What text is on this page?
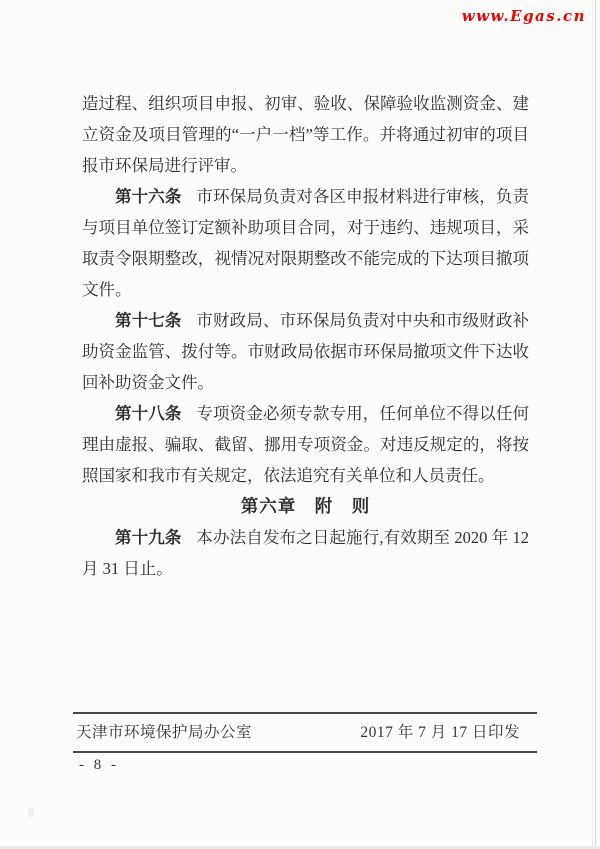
www.Egas.cn

造过程、组织项目申报、初审、验收、保障验收监测资金、建立资金及项目管理的“一户一档”等工作。并将通过初审的项目报市环保局进行评审。

第十六条 市环保局负责对各区申报材料进行审核，负责与项目单位签订定额补助项目合同，对于违约、违规项目，采取责令限期整改，视情况对限期整改不能完成的下达项目撤项文件。

第十七条 市财政局、市环保局负责对中央和市级财政补助资金监管、拨付等。市财政局依据市环保局撤项文件下达收回补助资金文件。

第十八条 专项资金必须专款专用，任何单位不得以任何理由虚报、骗取、截留、挪用专项资金。对违反规定的，将按照国家和我市有关规定，依法追究有关单位和人员责任。

第六章　附　则

第十九条 本办法自发布之日起施行,有效期至 2020 年 12 月 31 日止。

天津市环境保护局办公室	2017 年 7 月 17 日印发
- 8 -
